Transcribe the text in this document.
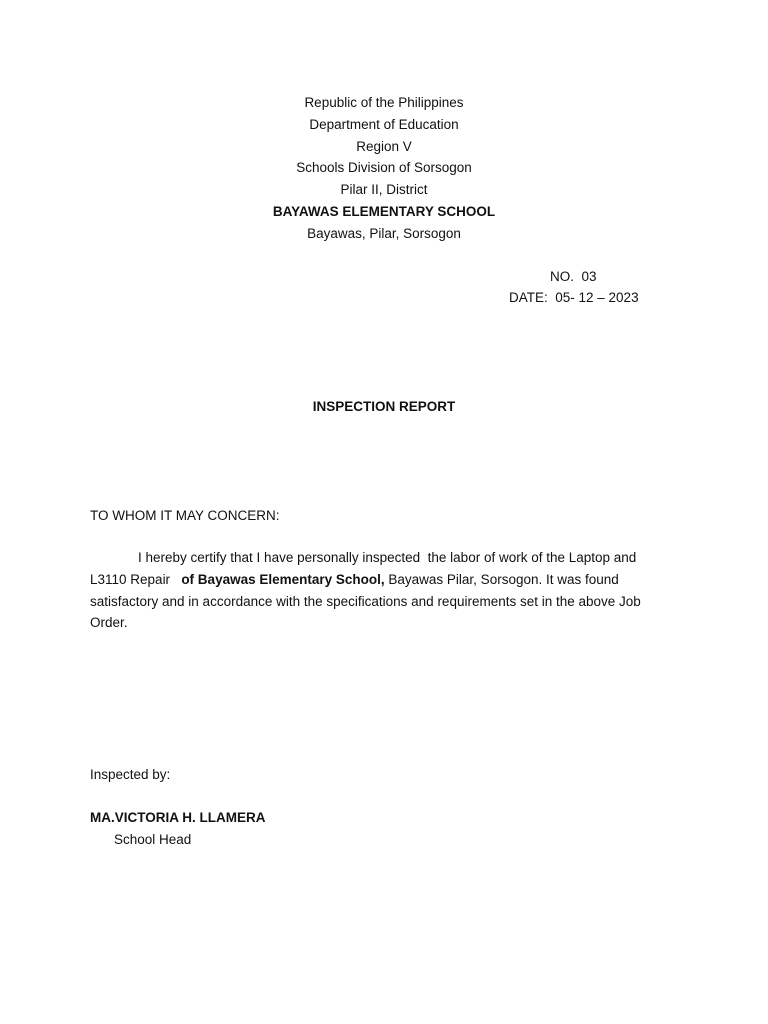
Republic of the Philippines
Department of Education
Region V
Schools Division of Sorsogon
Pilar II, District
BAYAWAS ELEMENTARY SCHOOL
Bayawas, Pilar, Sorsogon
NO.  03
DATE:  05- 12 – 2023
INSPECTION REPORT
TO WHOM IT MAY CONCERN:
I hereby certify that I have personally inspected  the labor of work of the Laptop and
L3110 Repair   of Bayawas Elementary School, Bayawas Pilar, Sorsogon. It was found
satisfactory and in accordance with the specifications and requirements set in the above Job
Order.
Inspected by:
MA.VICTORIA H. LLAMERA
School Head
